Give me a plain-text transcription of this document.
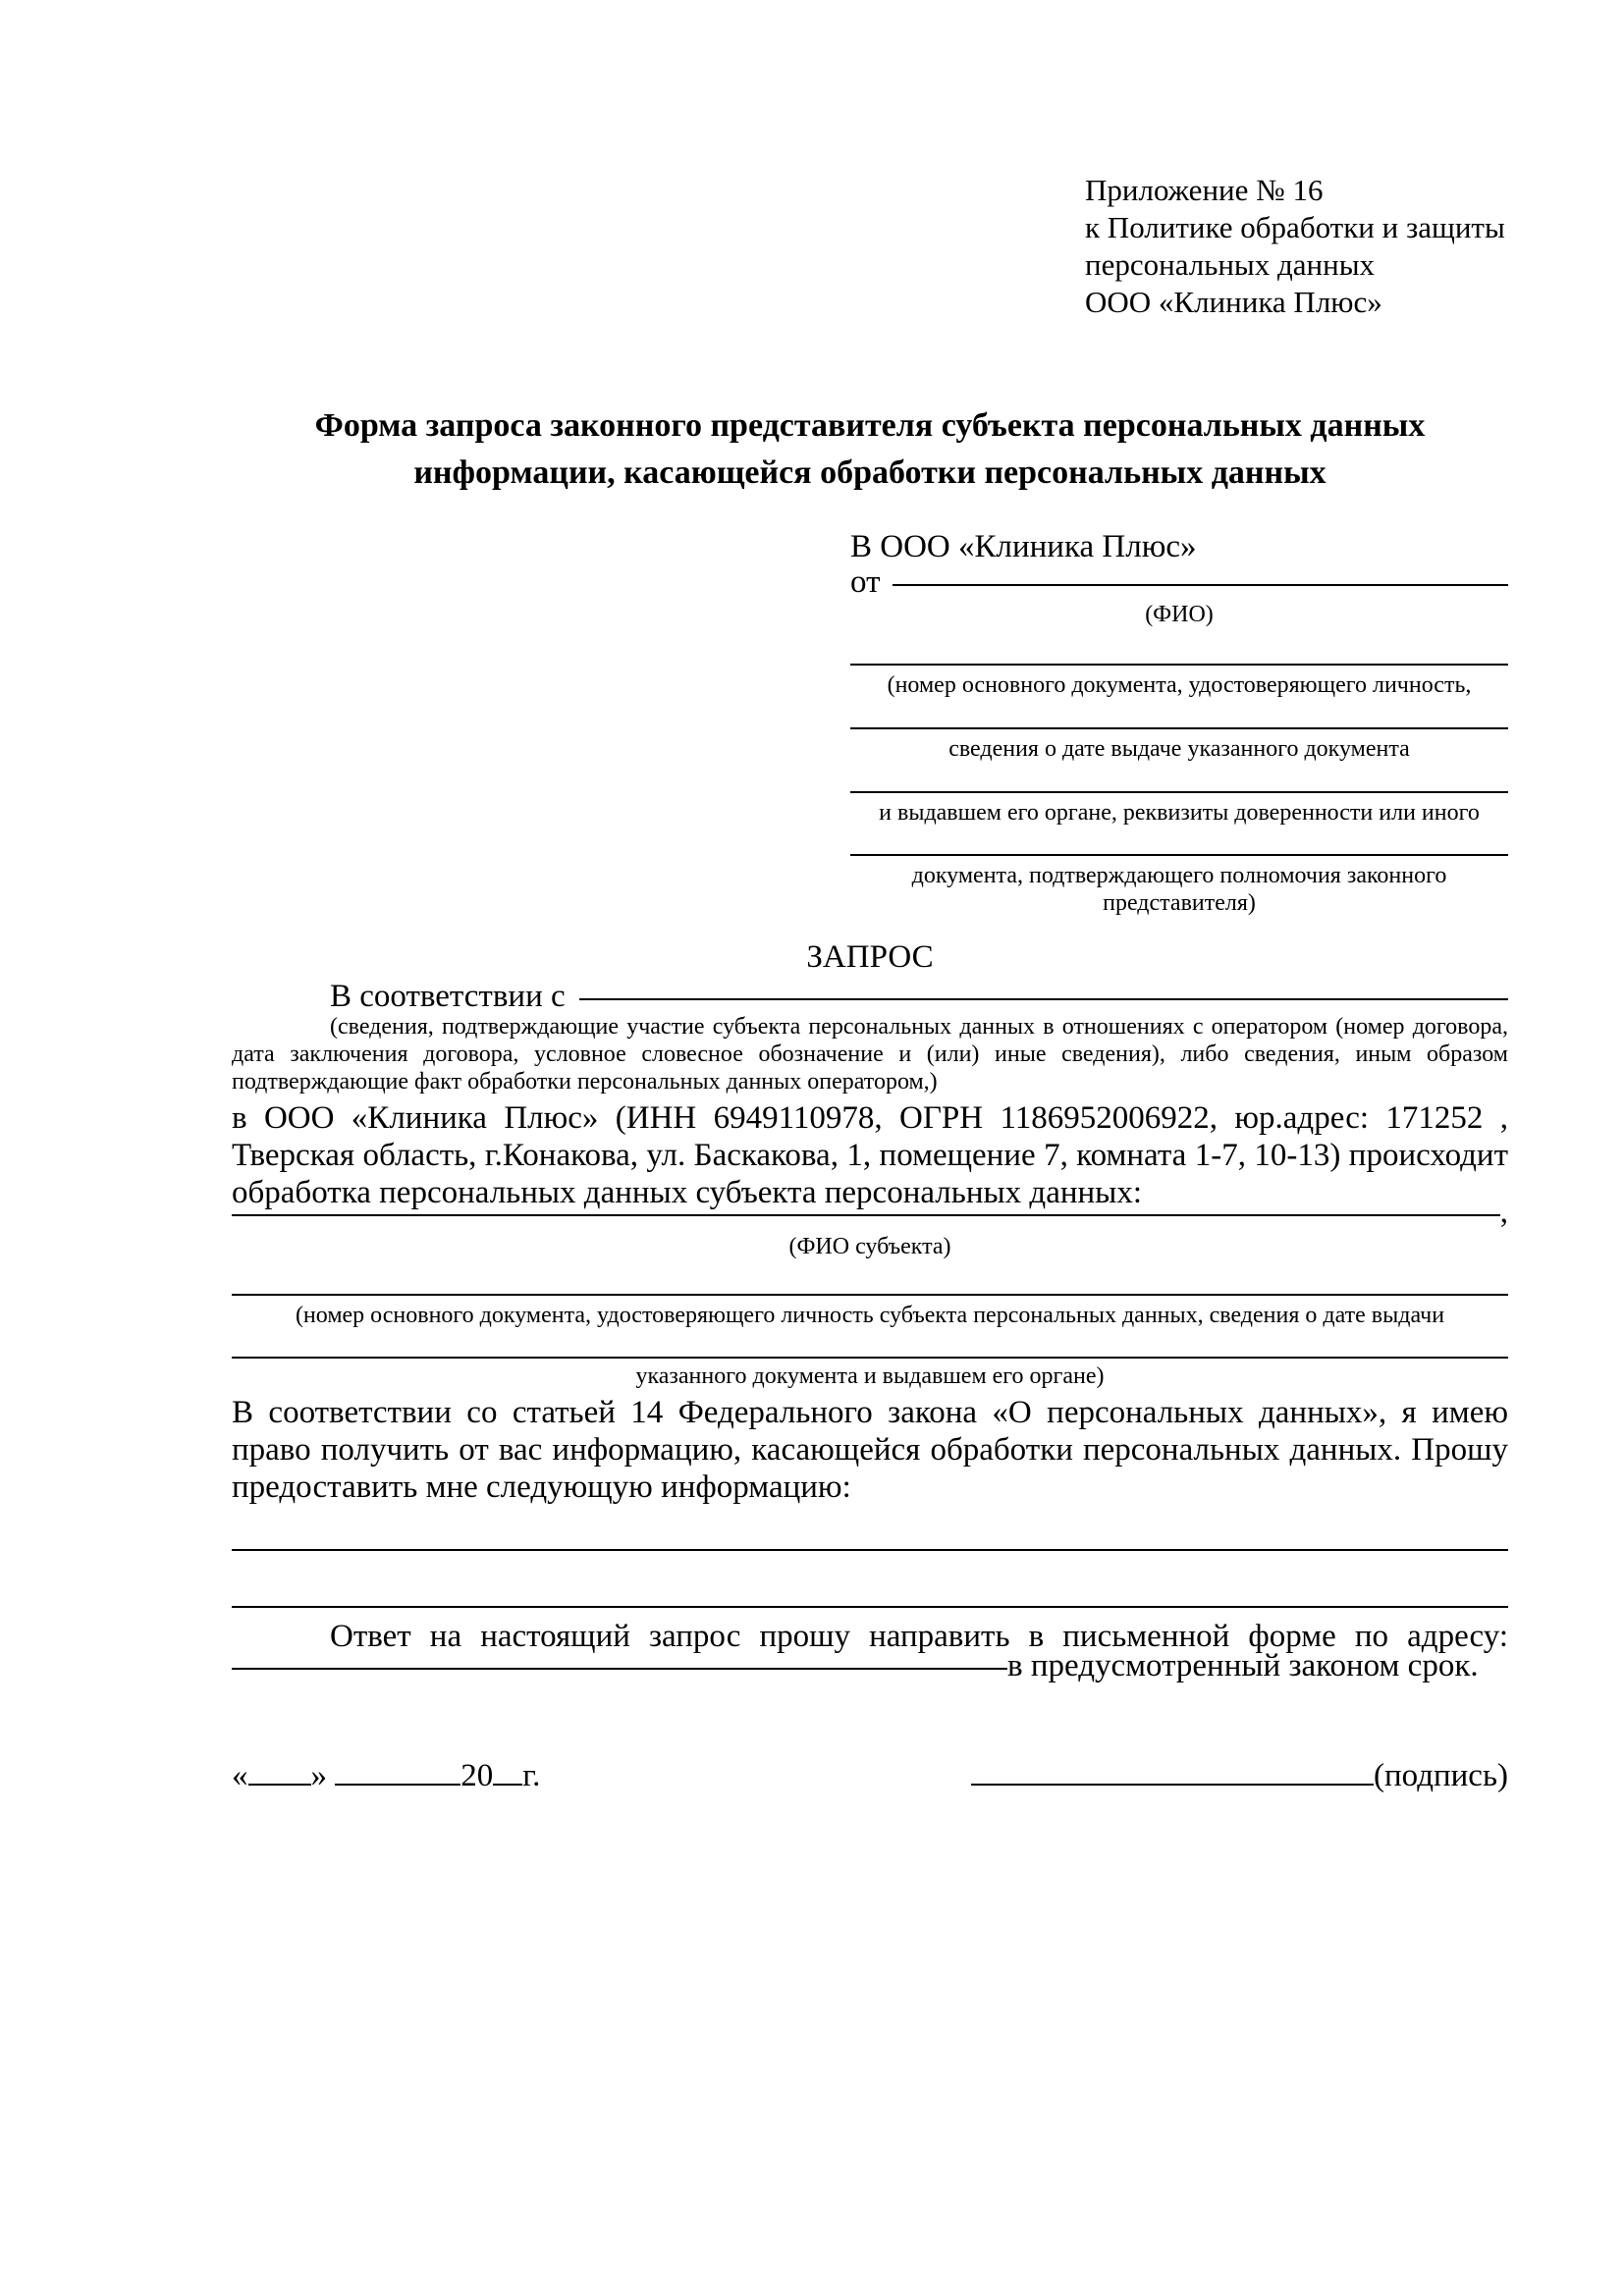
Приложение № 16
к Политике обработки и защиты
персональных данных
ООО «Клиника Плюс»
Форма запроса законного представителя субъекта персональных данных
информации, касающейся обработки персональных данных
В ООО «Клиника Плюс»
от
(ФИО)
(номер основного документа, удостоверяющего личность,
сведения о дате выдаче указанного документа
и выдавшем его органе, реквизиты доверенности или иного
документа, подтверждающего полномочия законного представителя)
ЗАПРОС
В соответствии с
(сведения, подтверждающие участие субъекта персональных данных в отношениях с оператором (номер договора, дата заключения договора, условное словесное обозначение и (или) иные сведения), либо сведения, иным образом подтверждающие факт обработки персональных данных оператором,)
в ООО «Клиника Плюс» (ИНН 6949110978, ОГРН 1186952006922, юр.адрес: 171252 , Тверская область, г.Конакова, ул. Баскакова, 1, помещение 7, комната 1-7, 10-13) происходит обработка персональных данных субъекта персональных данных:
,
(ФИО субъекта)
(номер основного документа, удостоверяющего личность субъекта персональных данных, сведения о дате выдачи
указанного документа и выдавшем его органе)
В соответствии со статьей 14 Федерального закона «О персональных данных», я имею право получить от вас информацию, касающейся обработки персональных данных. Прошу предоставить мне следующую информацию:
Ответ на настоящий запрос прошу направить в письменной форме по адресу:
в предусмотренный законом срок.
« »	20 г.	(подпись)
